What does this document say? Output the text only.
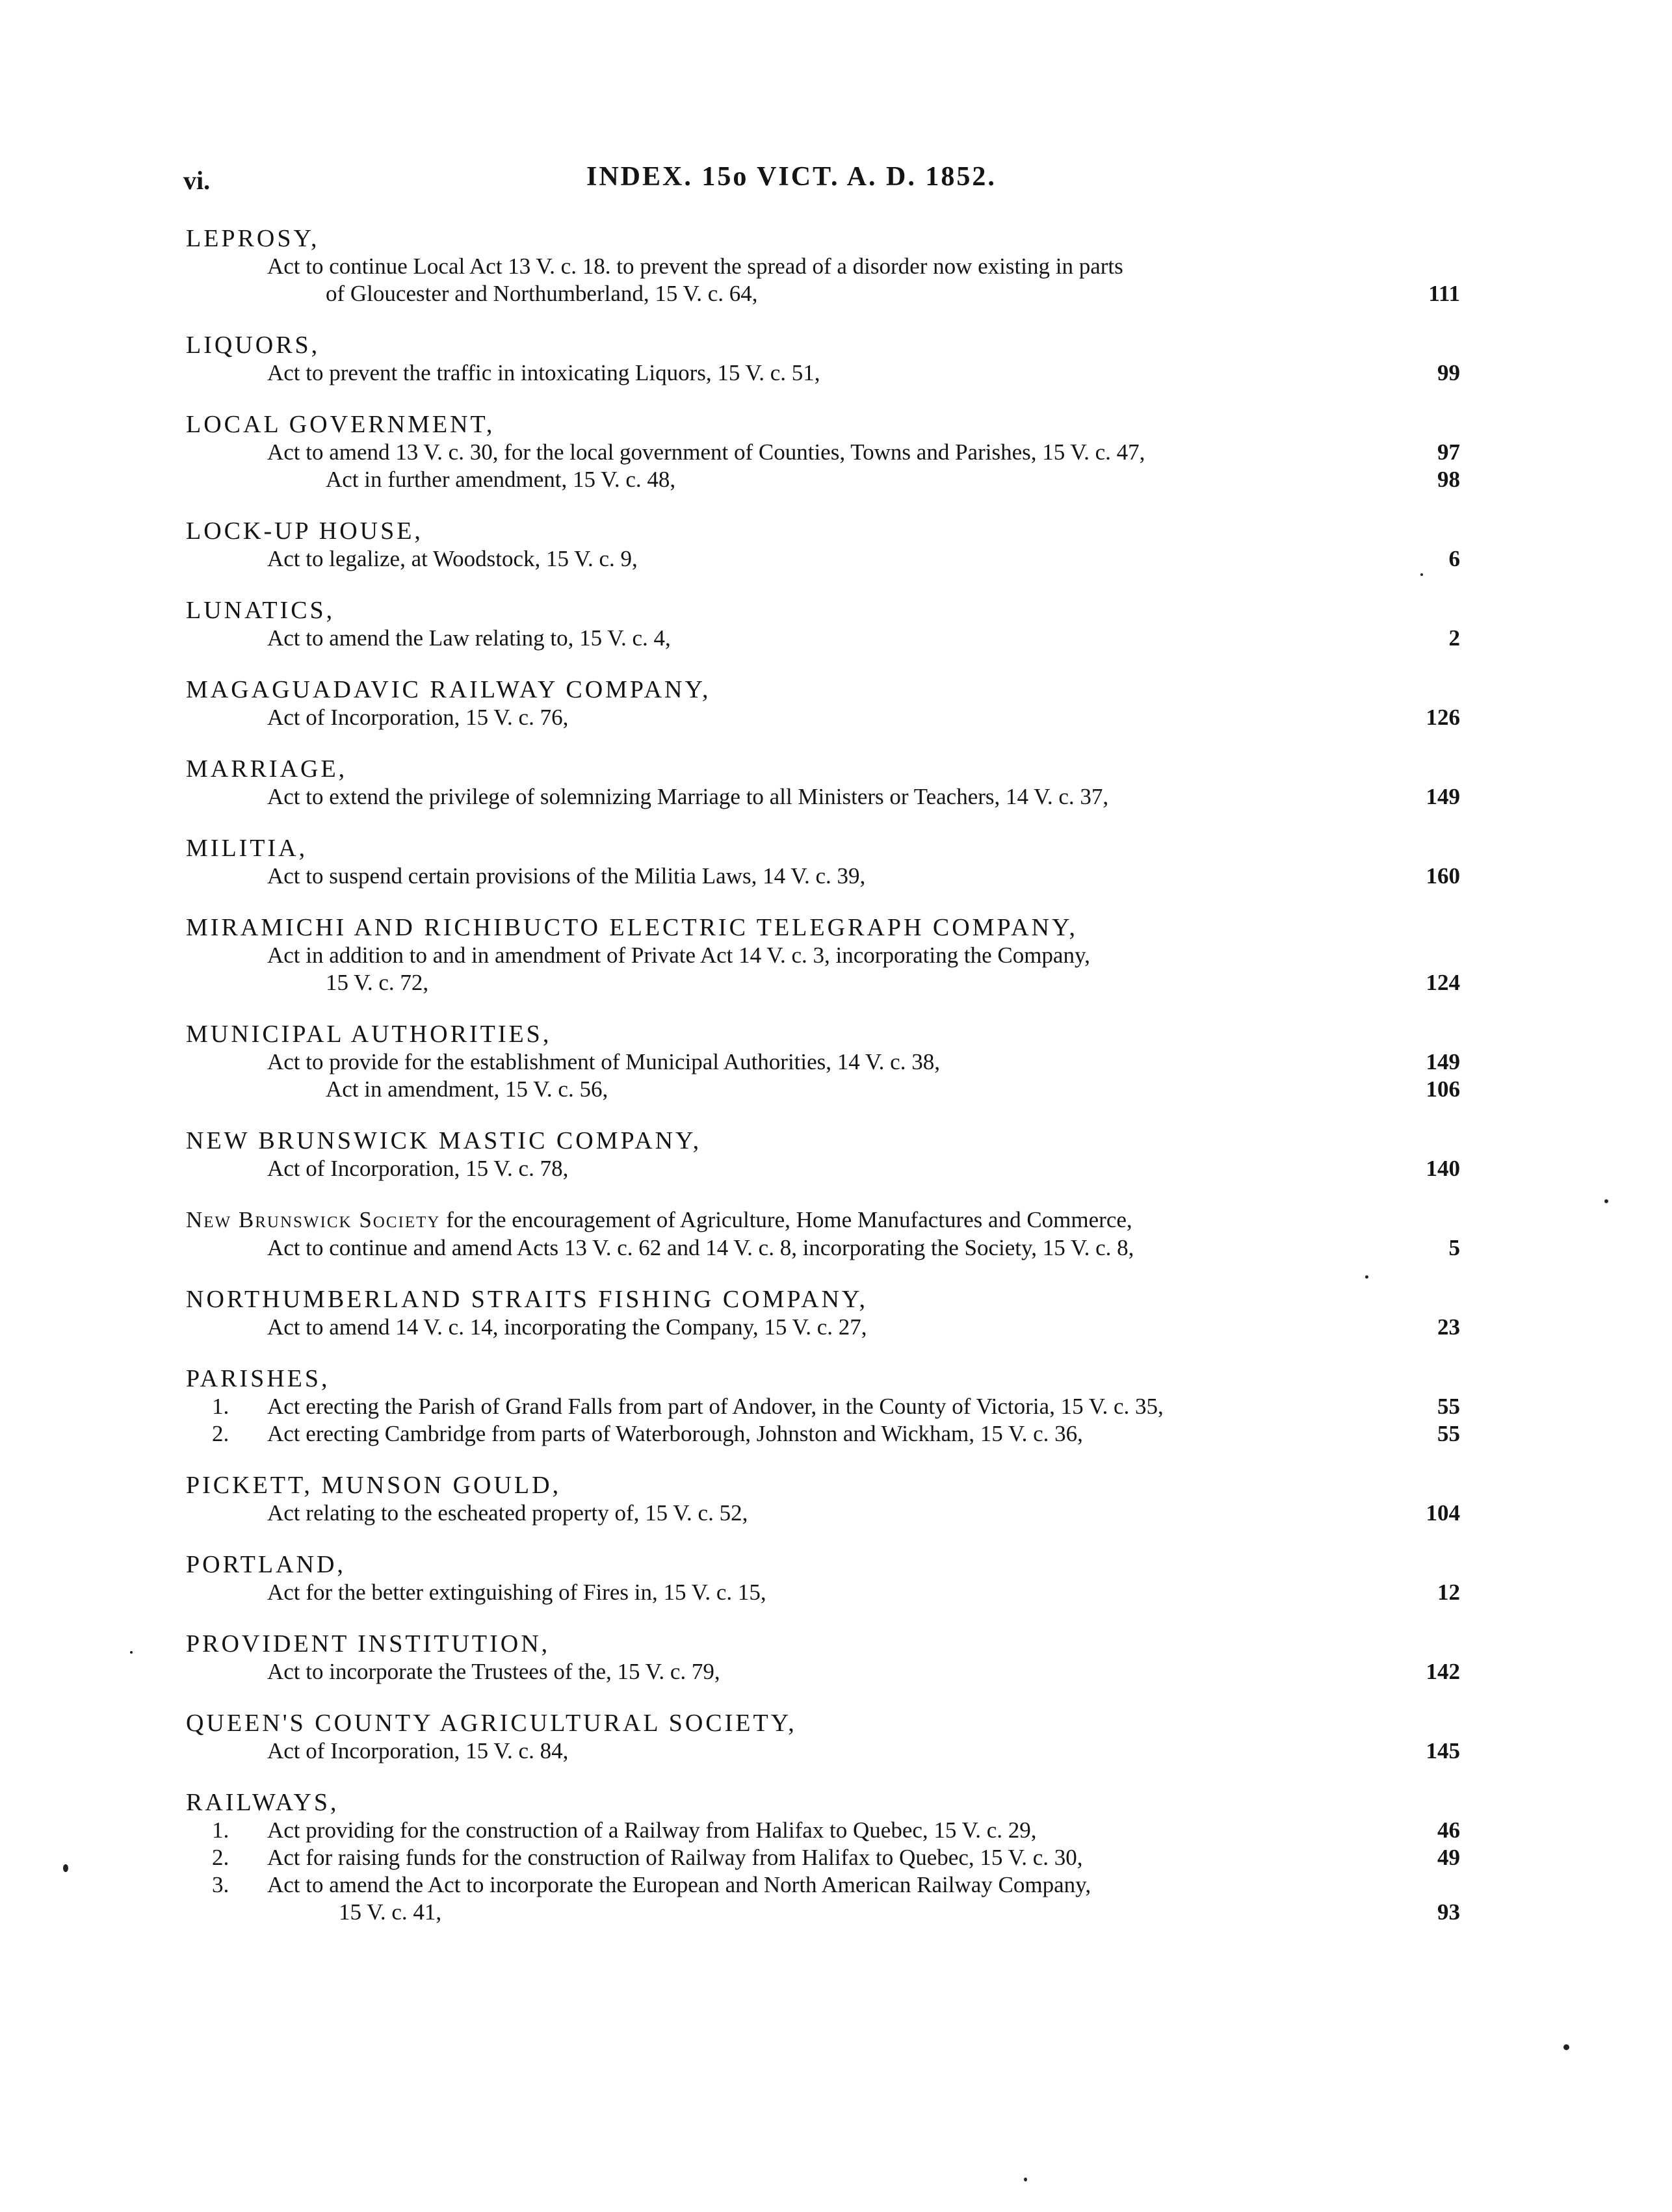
vi.	INDEX. 15o VICT. A. D. 1852.
LEPROSY,
Act to continue Local Act 13 V. c. 18. to prevent the spread of a disorder now existing in parts
of Gloucester and Northumberland, 15 V. c. 64,	111
LIQUORS,
Act to prevent the traffic in intoxicating Liquors, 15 V. c. 51,	99
LOCAL GOVERNMENT,
Act to amend 13 V. c. 30, for the local government of Counties, Towns and Parishes, 15 V. c. 47,	97
Act in further amendment, 15 V. c. 48,	98
LOCK-UP HOUSE,
Act to legalize, at Woodstock, 15 V. c. 9,	6
LUNATICS,
Act to amend the Law relating to, 15 V. c. 4,	2
MAGAGUADAVIC RAILWAY COMPANY,
Act of Incorporation, 15 V. c. 76,	126
MARRIAGE,
Act to extend the privilege of solemnizing Marriage to all Ministers or Teachers, 14 V. c. 37,	149
MILITIA,
Act to suspend certain provisions of the Militia Laws, 14 V. c. 39,	160
MIRAMICHI AND RICHIBUCTO ELECTRIC TELEGRAPH COMPANY,
Act in addition to and in amendment of Private Act 14 V. c. 3, incorporating the Company,
15 V. c. 72,	124
MUNICIPAL AUTHORITIES,
Act to provide for the establishment of Municipal Authorities, 14 V. c. 38,	149
Act in amendment, 15 V. c. 56,	106
NEW BRUNSWICK MASTIC COMPANY,
Act of Incorporation, 15 V. c. 78,	140
New Brunswick Society for the encouragement of Agriculture, Home Manufactures and Commerce,
Act to continue and amend Acts 13 V. c. 62 and 14 V. c. 8, incorporating the Society, 15 V. c. 8,	5
NORTHUMBERLAND STRAITS FISHING COMPANY,
Act to amend 14 V. c. 14, incorporating the Company, 15 V. c. 27,	23
PARISHES,
1. Act erecting the Parish of Grand Falls from part of Andover, in the County of Victoria, 15 V. c. 35,	55
2. Act erecting Cambridge from parts of Waterborough, Johnston and Wickham, 15 V. c. 36,	55
PICKETT, MUNSON GOULD,
Act relating to the escheated property of, 15 V. c. 52,	104
PORTLAND,
Act for the better extinguishing of Fires in, 15 V. c. 15,	12
PROVIDENT INSTITUTION,
Act to incorporate the Trustees of the, 15 V. c. 79,	142
QUEEN'S COUNTY AGRICULTURAL SOCIETY,
Act of Incorporation, 15 V. c. 84,	145
RAILWAYS,
1. Act providing for the construction of a Railway from Halifax to Quebec, 15 V. c. 29,	46
2. Act for raising funds for the construction of Railway from Halifax to Quebec, 15 V. c. 30,	49
3. Act to amend the Act to incorporate the European and North American Railway Company,
15 V. c. 41,	93
